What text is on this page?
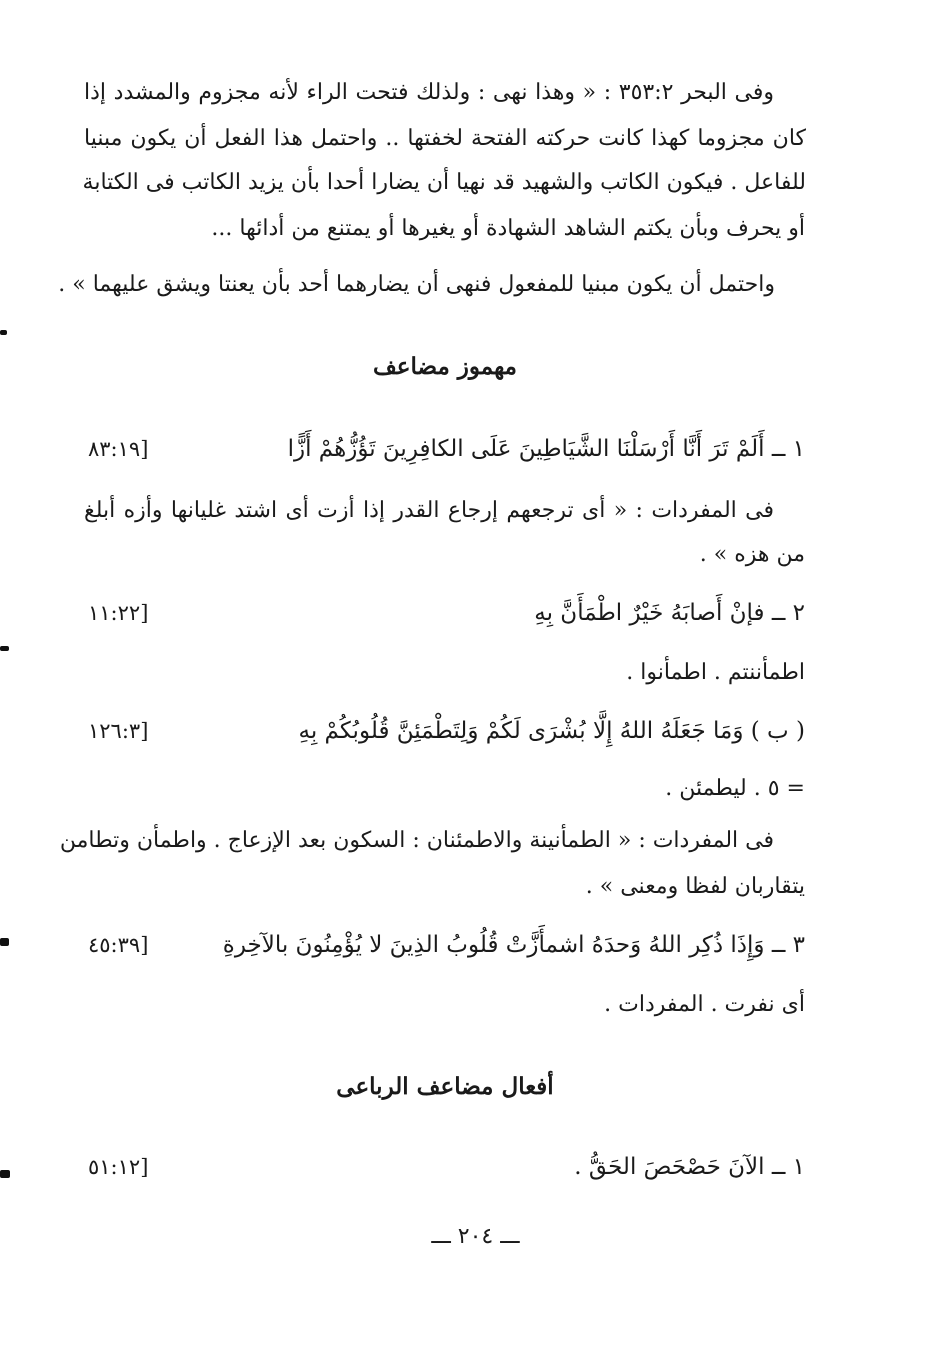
وفى البحر ٣٥٣:٢ : « وهذا نهى : ولذلك فتحت الراء لأنه مجزوم والمشدد إذا
كان مجزوما كهذا كانت حركته الفتحة لخفتها .. واحتمل هذا الفعل أن يكون مبنيا
للفاعل . فيكون الكاتب والشهيد قد نهيا أن يضارا أحدا بأن يزيد الكاتب فى الكتابة
أو يحرف وبأن يكتم الشاهد الشهادة أو يغيرها أو يمتنع من أدائها ...
واحتمل أن يكون مبنيا للمفعول فنهى أن يضارهما أحد بأن يعنتا ويشق عليهما » .
مهموز مضاعف
١ ــ أَلَمْ تَرَ أَنَّا أَرْسَلْنَا الشَّيَاطِينَ عَلَى الكافِرِينَ تَؤُزُّهُمْ أَزًّا
[٨٣:١٩
فى المفردات : « أى ترجعهم إرجاع القدر إذا أزت أى اشتد غليانها وأزه أبلغ
من هزه » .
٢ ــ فإنْ أَصابَهُ خَيْرٌ اطْمَأَنَّ بِهِ
[١١:٢٢
اطمأننتم . اطمأنوا .
( ب ) وَمَا جَعَلَهُ اللهُ إِلَّا بُشْرَى لَكُمْ وَلِتَطْمَئِنَّ قُلُوبُكُمْ بِهِ
[١٢٦:٣
= ٥ . ليطمئن .
فى المفردات : « الطمأنينة والاطمئنان : السكون بعد الإزعاج . واطمأن وتطامن
يتقاربان لفظا ومعنى » .
٣ ــ وَإِذَا ذُكِر اللهُ وَحدَهُ اشمأَزَّتْ قُلُوبُ الذِينَ لا يُؤْمِنُونَ بالآخِرةِ
[٤٥:٣٩
أى نفرت . المفردات .
أفعال مضاعف الرباعى
١ ــ الآنَ حَصْحَصَ الحَقُّ .
[٥١:١٢
ـــ ٢٠٤ ـــ
